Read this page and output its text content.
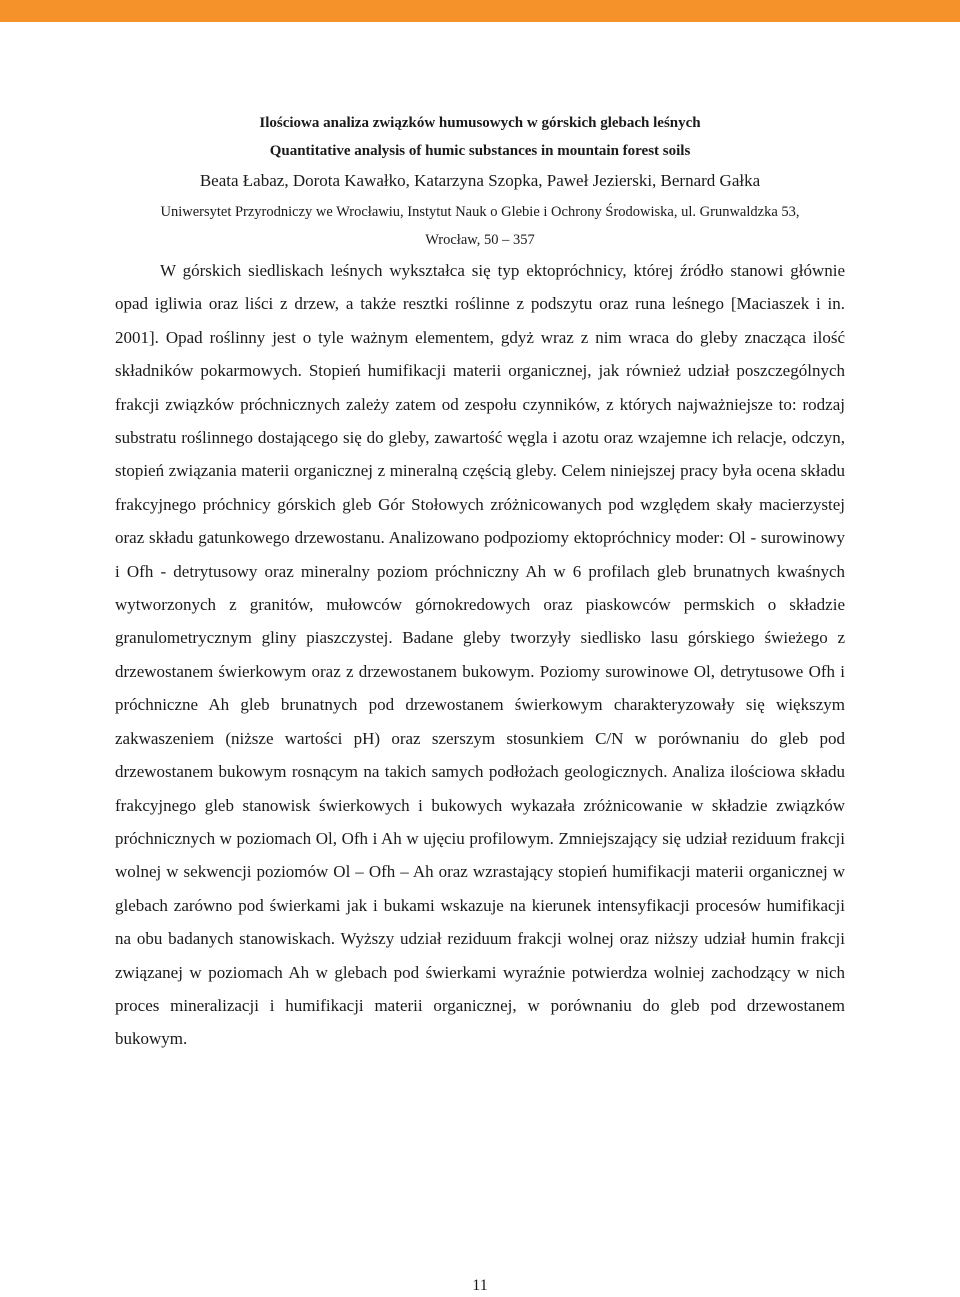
Ilościowa analiza związków humusowych w górskich glebach leśnych
Quantitative analysis of humic substances in mountain forest soils
Beata Łabaz, Dorota Kawałko, Katarzyna Szopka, Paweł Jezierski, Bernard Gałka
Uniwersytet Przyrodniczy we Wrocławiu, Instytut Nauk o Glebie i Ochrony Środowiska, ul. Grunwaldzka 53,
Wrocław, 50 – 357

W górskich siedliskach leśnych wykształca się typ ektopróchnicy, której źródło stanowi głównie opad igliwia oraz liści z drzew, a także resztki roślinne z podszytu oraz runa leśnego [Maciaszek i in. 2001]. Opad roślinny jest o tyle ważnym elementem, gdyż wraz z nim wraca do gleby znacząca ilość składników pokarmowych. Stopień humifikacji materii organicznej, jak również udział poszczególnych frakcji związków próchnicznych zależy zatem od zespołu czynników, z których najważniejsze to: rodzaj substratu roślinnego dostającego się do gleby, zawartość węgla i azotu oraz wzajemne ich relacje, odczyn, stopień związania materii organicznej z mineralną częścią gleby. Celem niniejszej pracy była ocena składu frakcyjnego próchnicy górskich gleb Gór Stołowych zróżnicowanych pod względem skały macierzystej oraz składu gatunkowego drzewostanu. Analizowano podpoziomy ektopróchnicy moder: Ol - surowinowy i Ofh - detrytusowy oraz mineralny poziom próchniczny Ah w 6 profilach gleb brunatnych kwaśnych wytworzonych z granitów, mułowców górnokredowych oraz piaskowców permskich o składzie granulometrycznym gliny piaszczystej. Badane gleby tworzyły siedlisko lasu górskiego świeżego z drzewostanem świerkowym oraz z drzewostanem bukowym. Poziomy surowinowe Ol, detrytusowe Ofh i próchniczne Ah gleb brunatnych pod drzewostanem świerkowym charakteryzowały się większym zakwaszeniem (niższe wartości pH) oraz szerszym stosunkiem C/N w porównaniu do gleb pod drzewostanem bukowym rosnącym na takich samych podłożach geologicznych. Analiza ilościowa składu frakcyjnego gleb stanowisk świerkowych i bukowych wykazała zróżnicowanie w składzie związków próchnicznych w poziomach Ol, Ofh i Ah w ujęciu profilowym. Zmniejszający się udział reziduum frakcji wolnej w sekwencji poziomów Ol – Ofh – Ah oraz wzrastający stopień humifikacji materii organicznej w glebach zarówno pod świerkami jak i bukami wskazuje na kierunek intensyfikacji procesów humifikacji na obu badanych stanowiskach. Wyższy udział reziduum frakcji wolnej oraz niższy udział humin frakcji związanej w poziomach Ah w glebach pod świerkami wyraźnie potwierdza wolniej zachodzący w nich proces mineralizacji i humifikacji materii organicznej, w porównaniu do gleb pod drzewostanem bukowym.

11
